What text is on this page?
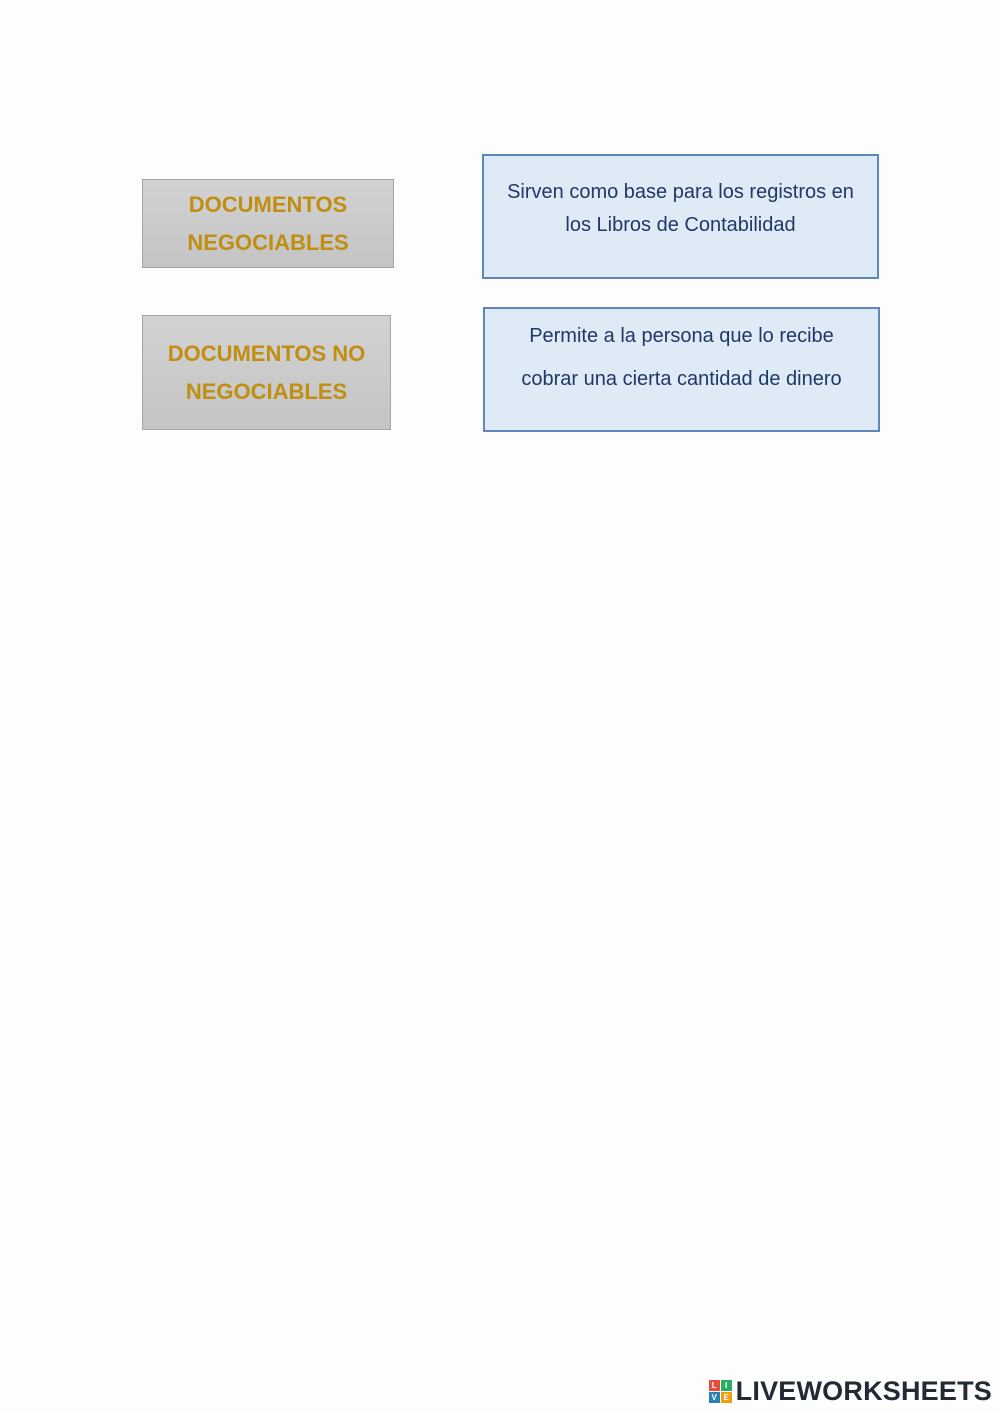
DOCUMENTOS
NEGOCIABLES
DOCUMENTOS NO
NEGOCIABLES
Sirven como base para los registros en
los Libros de Contabilidad
Permite a la persona que lo recibe
cobrar una cierta cantidad de dinero
L	I
V E LIVEWORKSHEETS
